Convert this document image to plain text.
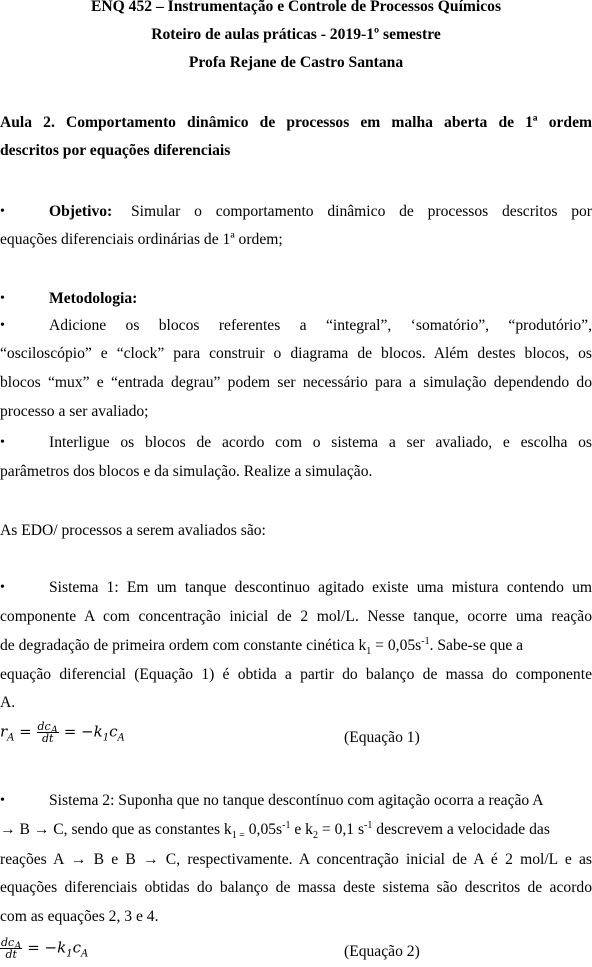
ENQ 452 – Instrumentação e Controle de Processos Químicos
Roteiro de aulas práticas - 2019-1º semestre
Profa Rejane de Castro Santana
Aula 2. Comportamento dinâmico de processos em malha aberta de 1ª ordem
descritos por equações diferenciais
•	Objetivo: Simular o comportamento dinâmico de processos descritos por
equações diferenciais ordinárias de 1ª ordem;
•	Metodologia:
•	Adicione os blocos referentes a “integral”, ‘somatório”, “produtório”,
“osciloscópio” e “clock” para construir o diagrama de blocos. Além destes blocos, os
blocos “mux” e “entrada degrau” podem ser necessário para a simulação dependendo do
processo a ser avaliado;
•	Interligue os blocos de acordo com o sistema a ser avaliado, e escolha os
parâmetros dos blocos e da simulação. Realize a simulação.
As EDO/ processos a serem avaliados são:
•	Sistema 1: Em um tanque descontinuo agitado existe uma mistura contendo um
componente A com concentração inicial de 2 mol/L. Nesse tanque, ocorre uma reação
de degradação de primeira ordem com constante cinética $k_1 = 0,05s^{-1}$. Sabe-se que a
equação diferencial (Equação 1) é obtida a partir do balanço de massa do componente
A.
$r_A = \frac{dc_A}{dt} = -k_1c_A$	(Equação 1)
•	Sistema 2: Suponha que no tanque descontínuo com agitação ocorra a reação A
→ B → C, sendo que as constantes $k_{1 =}$ $0,05s^{-1}$ e $k_2 = 0,1$ $s^{-1}$ descrevem a velocidade das
reações A → B e B → C, respectivamente. A concentração inicial de A é 2 mol/L e as
equações diferenciais obtidas do balanço de massa deste sistema são descritos de acordo
com as equações 2, 3 e 4.
$\frac{dc_A}{dt} = -k_1c_A$	(Equação 2)
